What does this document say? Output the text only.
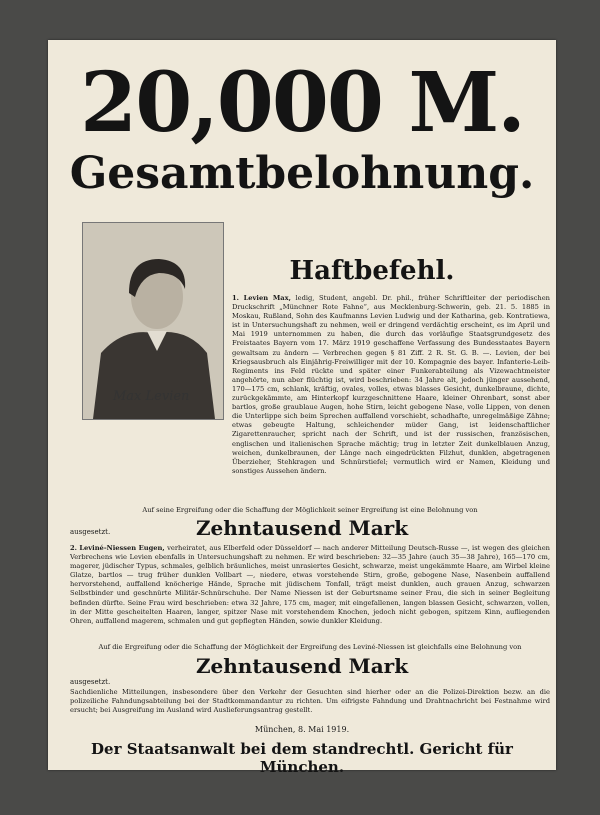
20,000 M.
Gesamtbelohnung.
Max Levien
Haftbefehl.
1. Levien Max, ledig, Student, angebl. Dr. phil., früher Schriftleiter der periodischen Druckschrift „Münchner Rote Fahne“, aus Mecklenburg-Schwerin, geb. 21. 5. 1885 in Moskau, Rußland, Sohn des Kaufmanns Levien Ludwig und der Katharina, geb. Kontratiewa, ist in Untersuchungshaft zu nehmen, weil er dringend verdächtig erscheint, es im April und Mai 1919 unternommen zu haben, die durch das vorläufige Staatsgrundgesetz des Freistaates Bayern vom 17. März 1919 geschaffene Verfassung des Bundesstaates Bayern gewaltsam zu ändern — Verbrechen gegen § 81 Ziff. 2 R. St. G. B. —. Levien, der bei Kriegsausbruch als Einjährig-Freiwilliger mit der 10. Kompagnie des bayer. Infanterie-Leib-Regiments ins Feld rückte und später einer Funkerabteilung als Vizewachtmeister angehörte, nun aber flüchtig ist, wird beschrieben: 34 Jahre alt, jedoch jünger aussehend, 170—175 cm, schlank, kräftig, ovales, volles, etwas blasses Gesicht, dunkelbraune, dichte, zurückgekämmte, am Hinterkopf kurzgeschnittene Haare, kleiner Ohrenbart, sonst aber bartlos, große graublaue Augen, hohe Stirn, leicht gebogene Nase, volle Lippen, von denen die Unterlippe sich beim Sprechen auffallend vorschiebt, schadhafte, unregelmäßige Zähne; etwas gebeugte Haltung, schleichender müder Gang, ist leidenschaftlicher Zigarettenraucher, spricht nach der Schrift, und ist der russischen, französischen, englischen und italienischen Sprache mächtig; trug in letzter Zeit dunkelblauen Anzug, weichen, dunkelbraunen, der Länge nach eingedrückten Filzhut, dunklen, abgetragenen Überzieher, Stehkragen und Schnürstiefel; vermutlich wird er Namen, Kleidung und sonstiges Aussehen ändern.
Auf seine Ergreifung oder die Schaffung der Möglichkeit seiner Ergreifung ist eine Belohnung von
ausgesetzt.	Zehntausend Mark
2. Leviné-Niessen Eugen, verheiratet, aus Elberfeld oder Düsseldorf — nach anderer Mitteilung Deutsch-Russe —, ist wegen des gleichen Verbrechens wie Levien ebenfalls in Untersuchungshaft zu nehmen. Er wird beschrieben: 32—35 Jahre (auch 35—38 Jahre), 165—170 cm, magerer, jüdischer Typus, schmales, gelblich bräunliches, meist unrasiertes Gesicht, schwarze, meist ungekämmte Haare, am Wirbel kleine Glatze, bartlos — trug früher dunklen Vollbart —, niedere, etwas vorstehende Stirn, große, gebogene Nase, Nasenbein auffallend hervorstehend, auffallend knöcherige Hände, Sprache mit jüdischem Tonfall, trägt meist dunklen, auch grauen Anzug, schwarzen Selbstbinder und geschnürte Militär-Schnürschuhe. Der Name Niessen ist der Geburtsname seiner Frau, die sich in seiner Begleitung befinden dürfte. Seine Frau wird beschrieben: etwa 32 Jahre, 175 cm, mager, mit eingefallenen, langen blassen Gesicht, schwarzen, vollen, in der Mitte gescheitelten Haaren, langer, spitzer Nase mit vorstehendem Knochen, jedoch nicht gebogen, spitzem Kinn, aufliegenden Ohren, auffallend magerem, schmalen und gut gepflegten Händen, sowie dunkler Kleidung.
Auf die Ergreifung oder die Schaffung der Möglichkeit der Ergreifung des Leviné-Niessen ist gleichfalls eine Belohnung von
Zehntausend Mark
ausgesetzt.
Sachdienliche Mitteilungen, insbesondere über den Verkehr der Gesuchten sind hierher oder an die Polizei-Direktion bezw. an die polizeiliche Fahndungsabteilung bei der Stadtkommandantur zu richten. Um eifrigste Fahndung und Drahtnachricht bei Festnahme wird ersucht; bei Ausgreifung im Ausland wird Auslieferungsantrag gestellt.
München, 8. Mai 1919.
Der Staatsanwalt bei dem standrechtl. Gericht für München.
